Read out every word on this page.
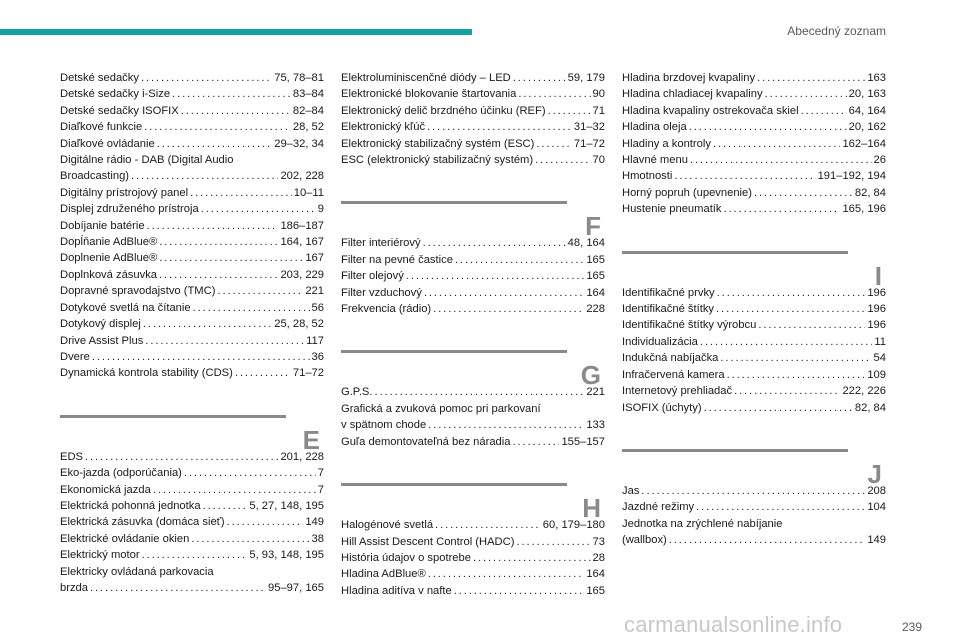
Abecedný zoznam
Detské sedačky . . .	75, 78–81
Detské sedačky i-Size . . .	83–84
Detské sedačky ISOFIX . . .	82–84
Diaľkové funkcie . . .	28, 52
Diaľkové ovládanie . . .	29–32, 34
Digitálne rádio - DAB (Digital Audio
Broadcasting) . . .	202, 228
Digitálny prístrojový panel . . .	10–11
Displej združeného prístroja . . .	9
Dobíjanie batérie . . .	186–187
Dopĺňanie AdBlue® . . .	164, 167
Doplnenie AdBlue® . . .	167
Doplnková zásuvka . . .	203, 229
Dopravné spravodajstvo (TMC) . . .	221
Dotykové svetlá na čítanie . . .	56
Dotykový displej . . .	25, 28, 52
Drive Assist Plus . . .	117
Dvere . . .	36
Dynamická kontrola stability (CDS) . . .	71–72
E
EDS . . .	201, 228
Eko-jazda (odporúčania) . . .	7
Ekonomická jazda . . .	7
Elektrická pohonná jednotka . . .	5, 27, 148, 195
Elektrická zásuvka (domáca sieť) . . .	149
Elektrické ovládanie okien . . .	38
Elektrický motor . . .	5, 93, 148, 195
Elektricky ovládaná parkovacia
brzda . . .	95–97, 165
Elektroluminiscenčné diódy – LED . . .	59, 179
Elektronické blokovanie štartovania . . .	90
Elektronický delič brzdného účinku (REF) . . .	71
Elektronický kľúč . . .	31–32
Elektronický stabilizačný systém (ESC) . . .	71–72
ESC (elektronický stabilizačný systém) . . .	70
F
Filter interiérový . . .	48, 164
Filter na pevné častice . . .	165
Filter olejový . . .	165
Filter vzduchový . . .	164
Frekvencia (rádio) . . .	228
G
G.P.S. . . .	221
Grafická a zvuková pomoc pri parkovaní
v spätnom chode . . .	133
Guľa demontovateľná bez náradia . . .	155–157
H
Halogénové svetlá . . .	60, 179–180
Hill Assist Descent Control (HADC) . . .	73
História údajov o spotrebe . . .	28
Hladina AdBlue® . . .	164
Hladina aditíva v nafte . . .	165
Hladina brzdovej kvapaliny . . .	163
Hladina chladiacej kvapaliny . . .	20, 163
Hladina kvapaliny ostrekovača skiel . . .	64, 164
Hladina oleja . . .	20, 162
Hladiny a kontroly . . .	162–164
Hlavné menu . . .	26
Hmotnosti . . .	191–192, 194
Horný popruh (upevnenie) . . .	82, 84
Hustenie pneumatík . . .	165, 196
I
Identifikačné prvky . . .	196
Identifikačné štítky . . .	196
Identifikačné štítky výrobcu . . .	196
Individualizácia . . .	11
Indukčná nabíjačka . . .	54
Infračervená kamera . . .	109
Internetový prehliadač . . .	222, 226
ISOFIX (úchyty) . . .	82, 84
J
Jas . . .	208
Jazdné režimy . . .	104
Jednotka na zrýchlené nabíjanie
(wallbox) . . .	149
carmanualsonline.info	239
